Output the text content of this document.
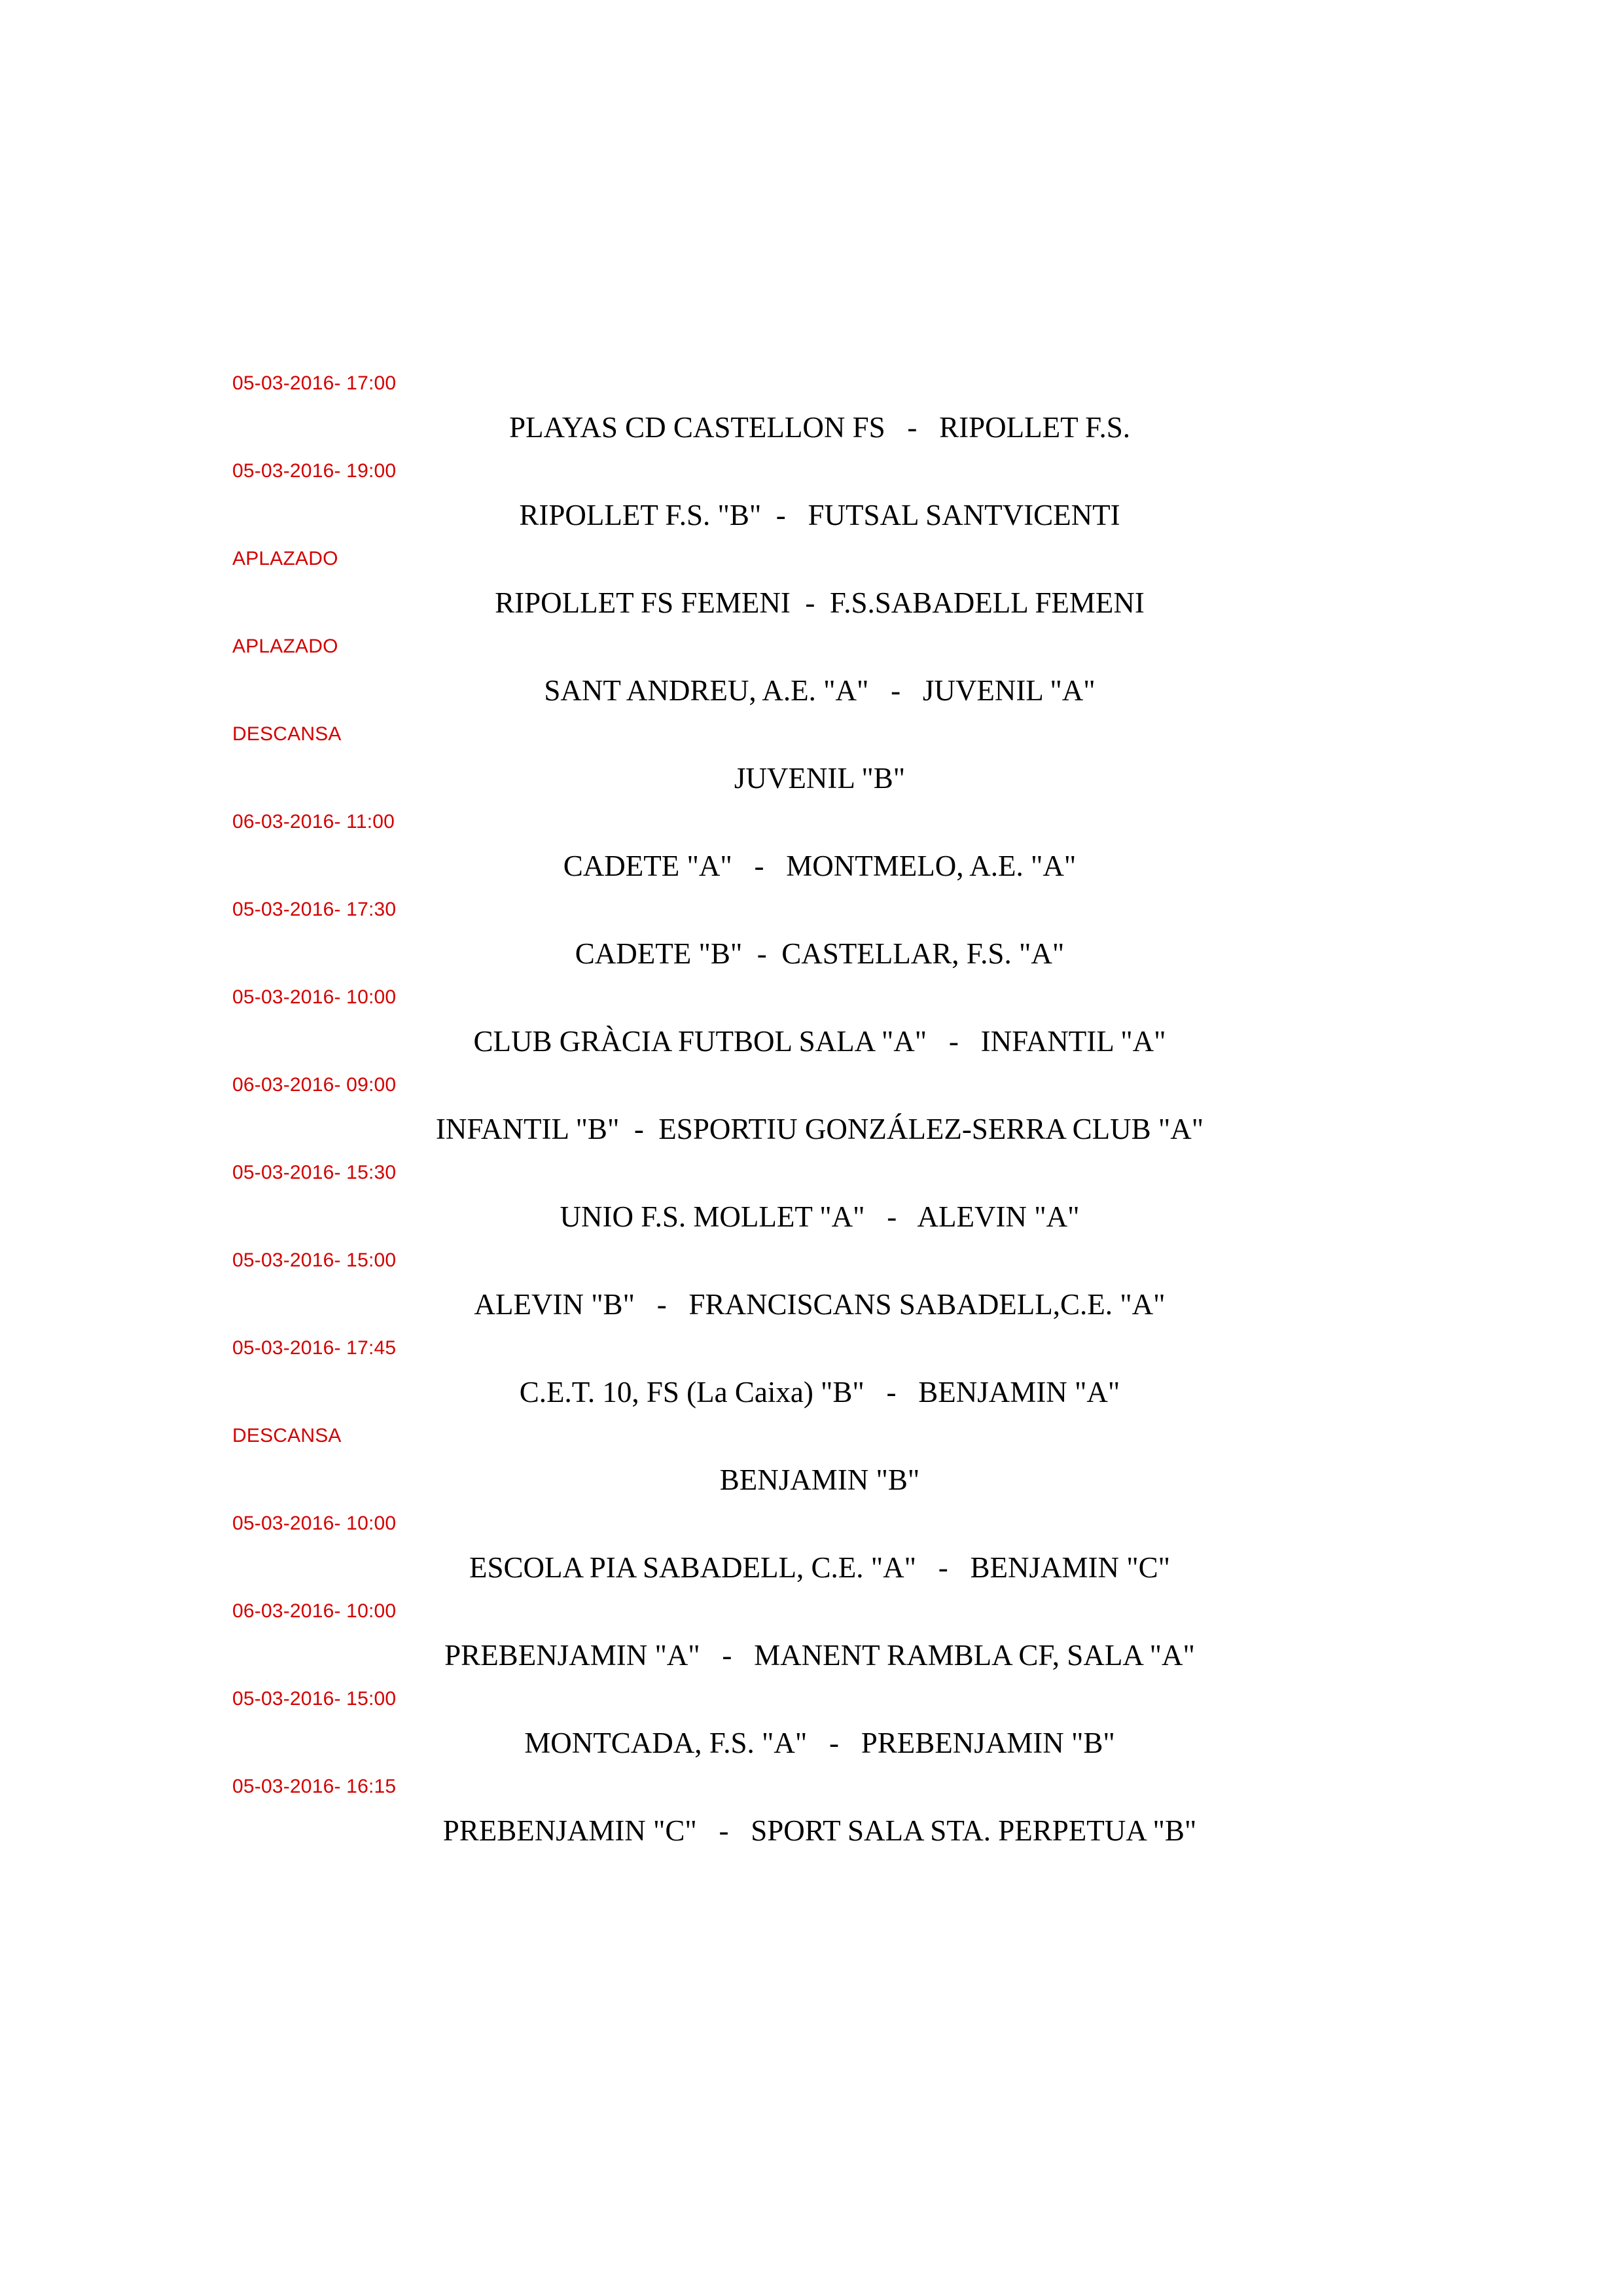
05-03-2016- 17:00
PLAYAS CD CASTELLON FS   -   RIPOLLET F.S.
05-03-2016- 19:00
RIPOLLET F.S. "B"  -   FUTSAL SANTVICENTI
APLAZADO
RIPOLLET FS FEMENI  -  F.S.SABADELL FEMENI
APLAZADO
SANT ANDREU, A.E. "A"   -   JUVENIL "A"
DESCANSA
JUVENIL "B"
06-03-2016- 11:00
CADETE "A"   -   MONTMELO, A.E. "A"
05-03-2016- 17:30
CADETE "B"  -  CASTELLAR, F.S. "A"
05-03-2016- 10:00
CLUB GRÀCIA FUTBOL SALA "A"   -   INFANTIL "A"
06-03-2016- 09:00
INFANTIL "B"  -  ESPORTIU GONZÁLEZ-SERRA CLUB "A"
05-03-2016- 15:30
UNIO F.S. MOLLET "A"   -   ALEVIN "A"
05-03-2016- 15:00
ALEVIN "B"   -   FRANCISCANS SABADELL,C.E. "A"
05-03-2016- 17:45
C.E.T. 10, FS (La Caixa) "B"   -   BENJAMIN "A"
DESCANSA
BENJAMIN "B"
05-03-2016- 10:00
ESCOLA PIA SABADELL, C.E. "A"   -   BENJAMIN "C"
06-03-2016- 10:00
PREBENJAMIN "A"   -   MANENT RAMBLA CF, SALA "A"
05-03-2016- 15:00
MONTCADA, F.S. "A"   -   PREBENJAMIN "B"
05-03-2016- 16:15
PREBENJAMIN "C"   -   SPORT SALA STA. PERPETUA "B"
